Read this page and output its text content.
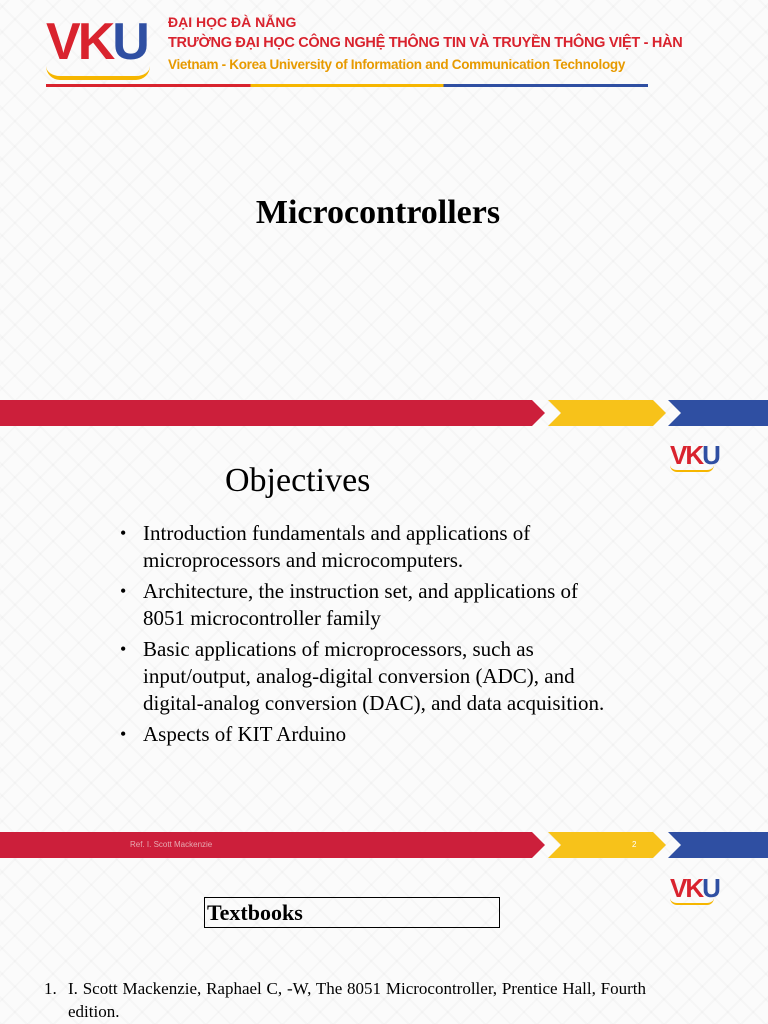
VKU ĐẠI HỌC ĐÀ NẴNG
TRƯỜNG ĐẠI HỌC CÔNG NGHỆ THÔNG TIN VÀ TRUYỀN THÔNG VIỆT - HÀN
Vietnam - Korea University of Information and Communication Technology
Microcontrollers
VKU
Objectives
• Introduction fundamentals and applications of microprocessors and microcomputers.
• Architecture, the instruction set, and applications of 8051 microcontroller family
• Basic applications of microprocessors, such as input/output, analog-digital conversion (ADC), and digital-analog conversion (DAC), and data acquisition.
• Aspects of KIT Arduino
Ref. I. Scott Mackenzie	2
VKU
Textbooks
1. I. Scott Mackenzie, Raphael C, -W, The 8051 Microcontroller, Prentice Hall, Fourth edition.
